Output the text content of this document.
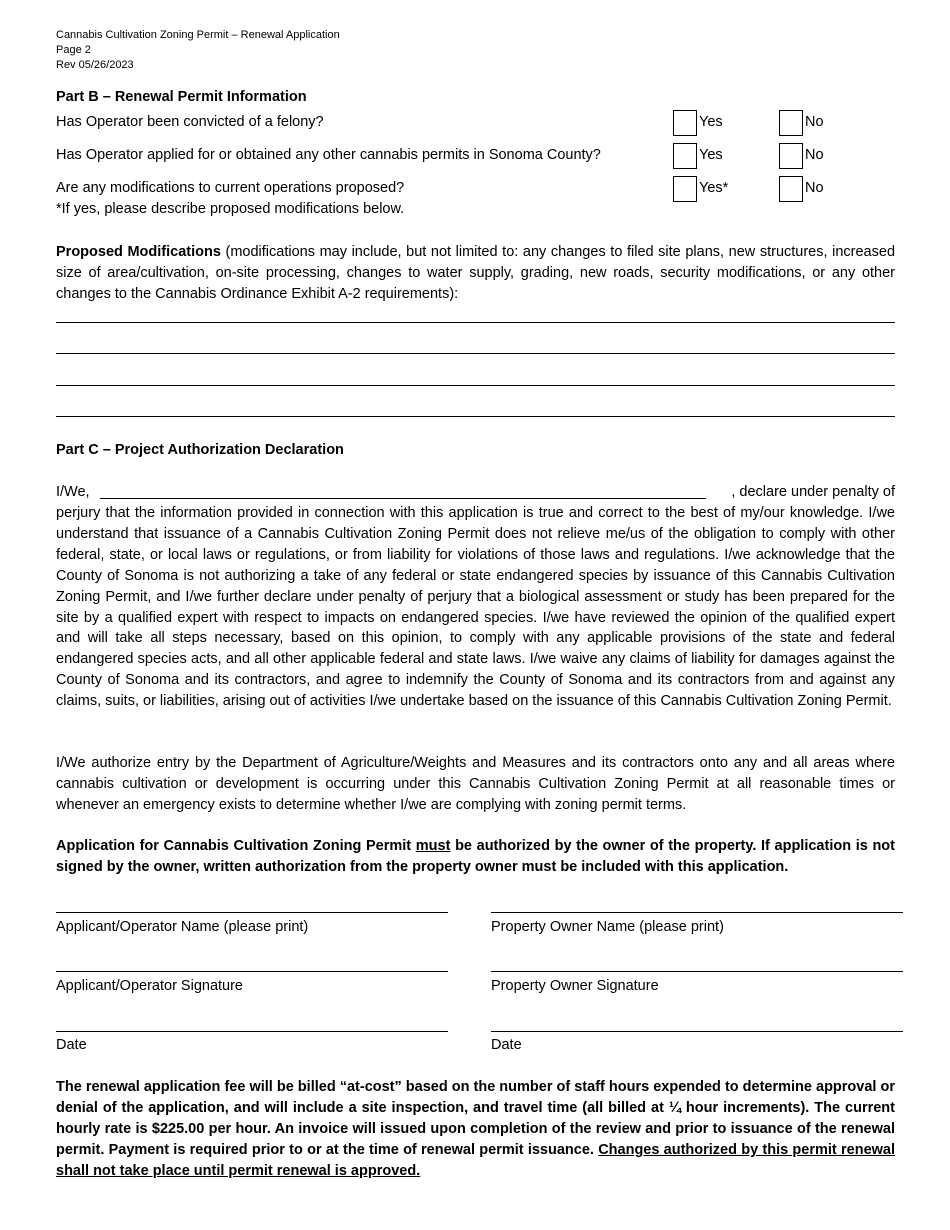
Cannabis Cultivation Zoning Permit – Renewal Application
Page 2
Rev 05/26/2023
Part B – Renewal Permit Information
Has Operator been convicted of a felony?	Yes	No
Has Operator applied for or obtained any other cannabis permits in Sonoma County?	Yes	No
Are any modifications to current operations proposed?	Yes*	No
*If yes, please describe proposed modifications below.
Proposed Modifications (modifications may include, but not limited to: any changes to filed site plans, new structures, increased size of area/cultivation, on-site processing, changes to water supply, grading, new roads, security modifications, or any other changes to the Cannabis Ordinance Exhibit A-2 requirements):
Part C – Project Authorization Declaration
I/We,	, declare under penalty of
perjury that the information provided in connection with this application is true and correct to the best of my/our knowledge. I/we understand that issuance of a Cannabis Cultivation Zoning Permit does not relieve me/us of the obligation to comply with other federal, state, or local laws or regulations, or from liability for violations of those laws and regulations. I/we acknowledge that the County of Sonoma is not authorizing a take of any federal or state endangered species by issuance of this Cannabis Cultivation Zoning Permit, and I/we further declare under penalty of perjury that a biological assessment or study has been prepared for the site by a qualified expert with respect to impacts on endangered species. I/we have reviewed the opinion of the qualified expert and will take all steps necessary, based on this opinion, to comply with any applicable provisions of the state and federal endangered species acts, and all other applicable federal and state laws. I/we waive any claims of liability for damages against the County of Sonoma and its contractors, and agree to indemnify the County of Sonoma and its contractors from and against any claims, suits, or liabilities, arising out of activities I/we undertake based on the issuance of this Cannabis Cultivation Zoning Permit.
I/We authorize entry by the Department of Agriculture/Weights and Measures and its contractors onto any and all areas where cannabis cultivation or development is occurring under this Cannabis Cultivation Zoning Permit at all reasonable times or whenever an emergency exists to determine whether I/we are complying with zoning permit terms.
Application for Cannabis Cultivation Zoning Permit must be authorized by the owner of the property. If application is not signed by the owner, written authorization from the property owner must be included with this application.
Applicant/Operator Name (please print)	Property Owner Name (please print)
Applicant/Operator Signature	Property Owner Signature
Date	Date
The renewal application fee will be billed “at-cost” based on the number of staff hours expended to determine approval or denial of the application, and will include a site inspection, and travel time (all billed at ¼ hour increments). The current hourly rate is $225.00 per hour. An invoice will issued upon completion of the review and prior to issuance of the renewal permit. Payment is required prior to or at the time of renewal permit issuance. Changes authorized by this permit renewal shall not take place until permit renewal is approved.
